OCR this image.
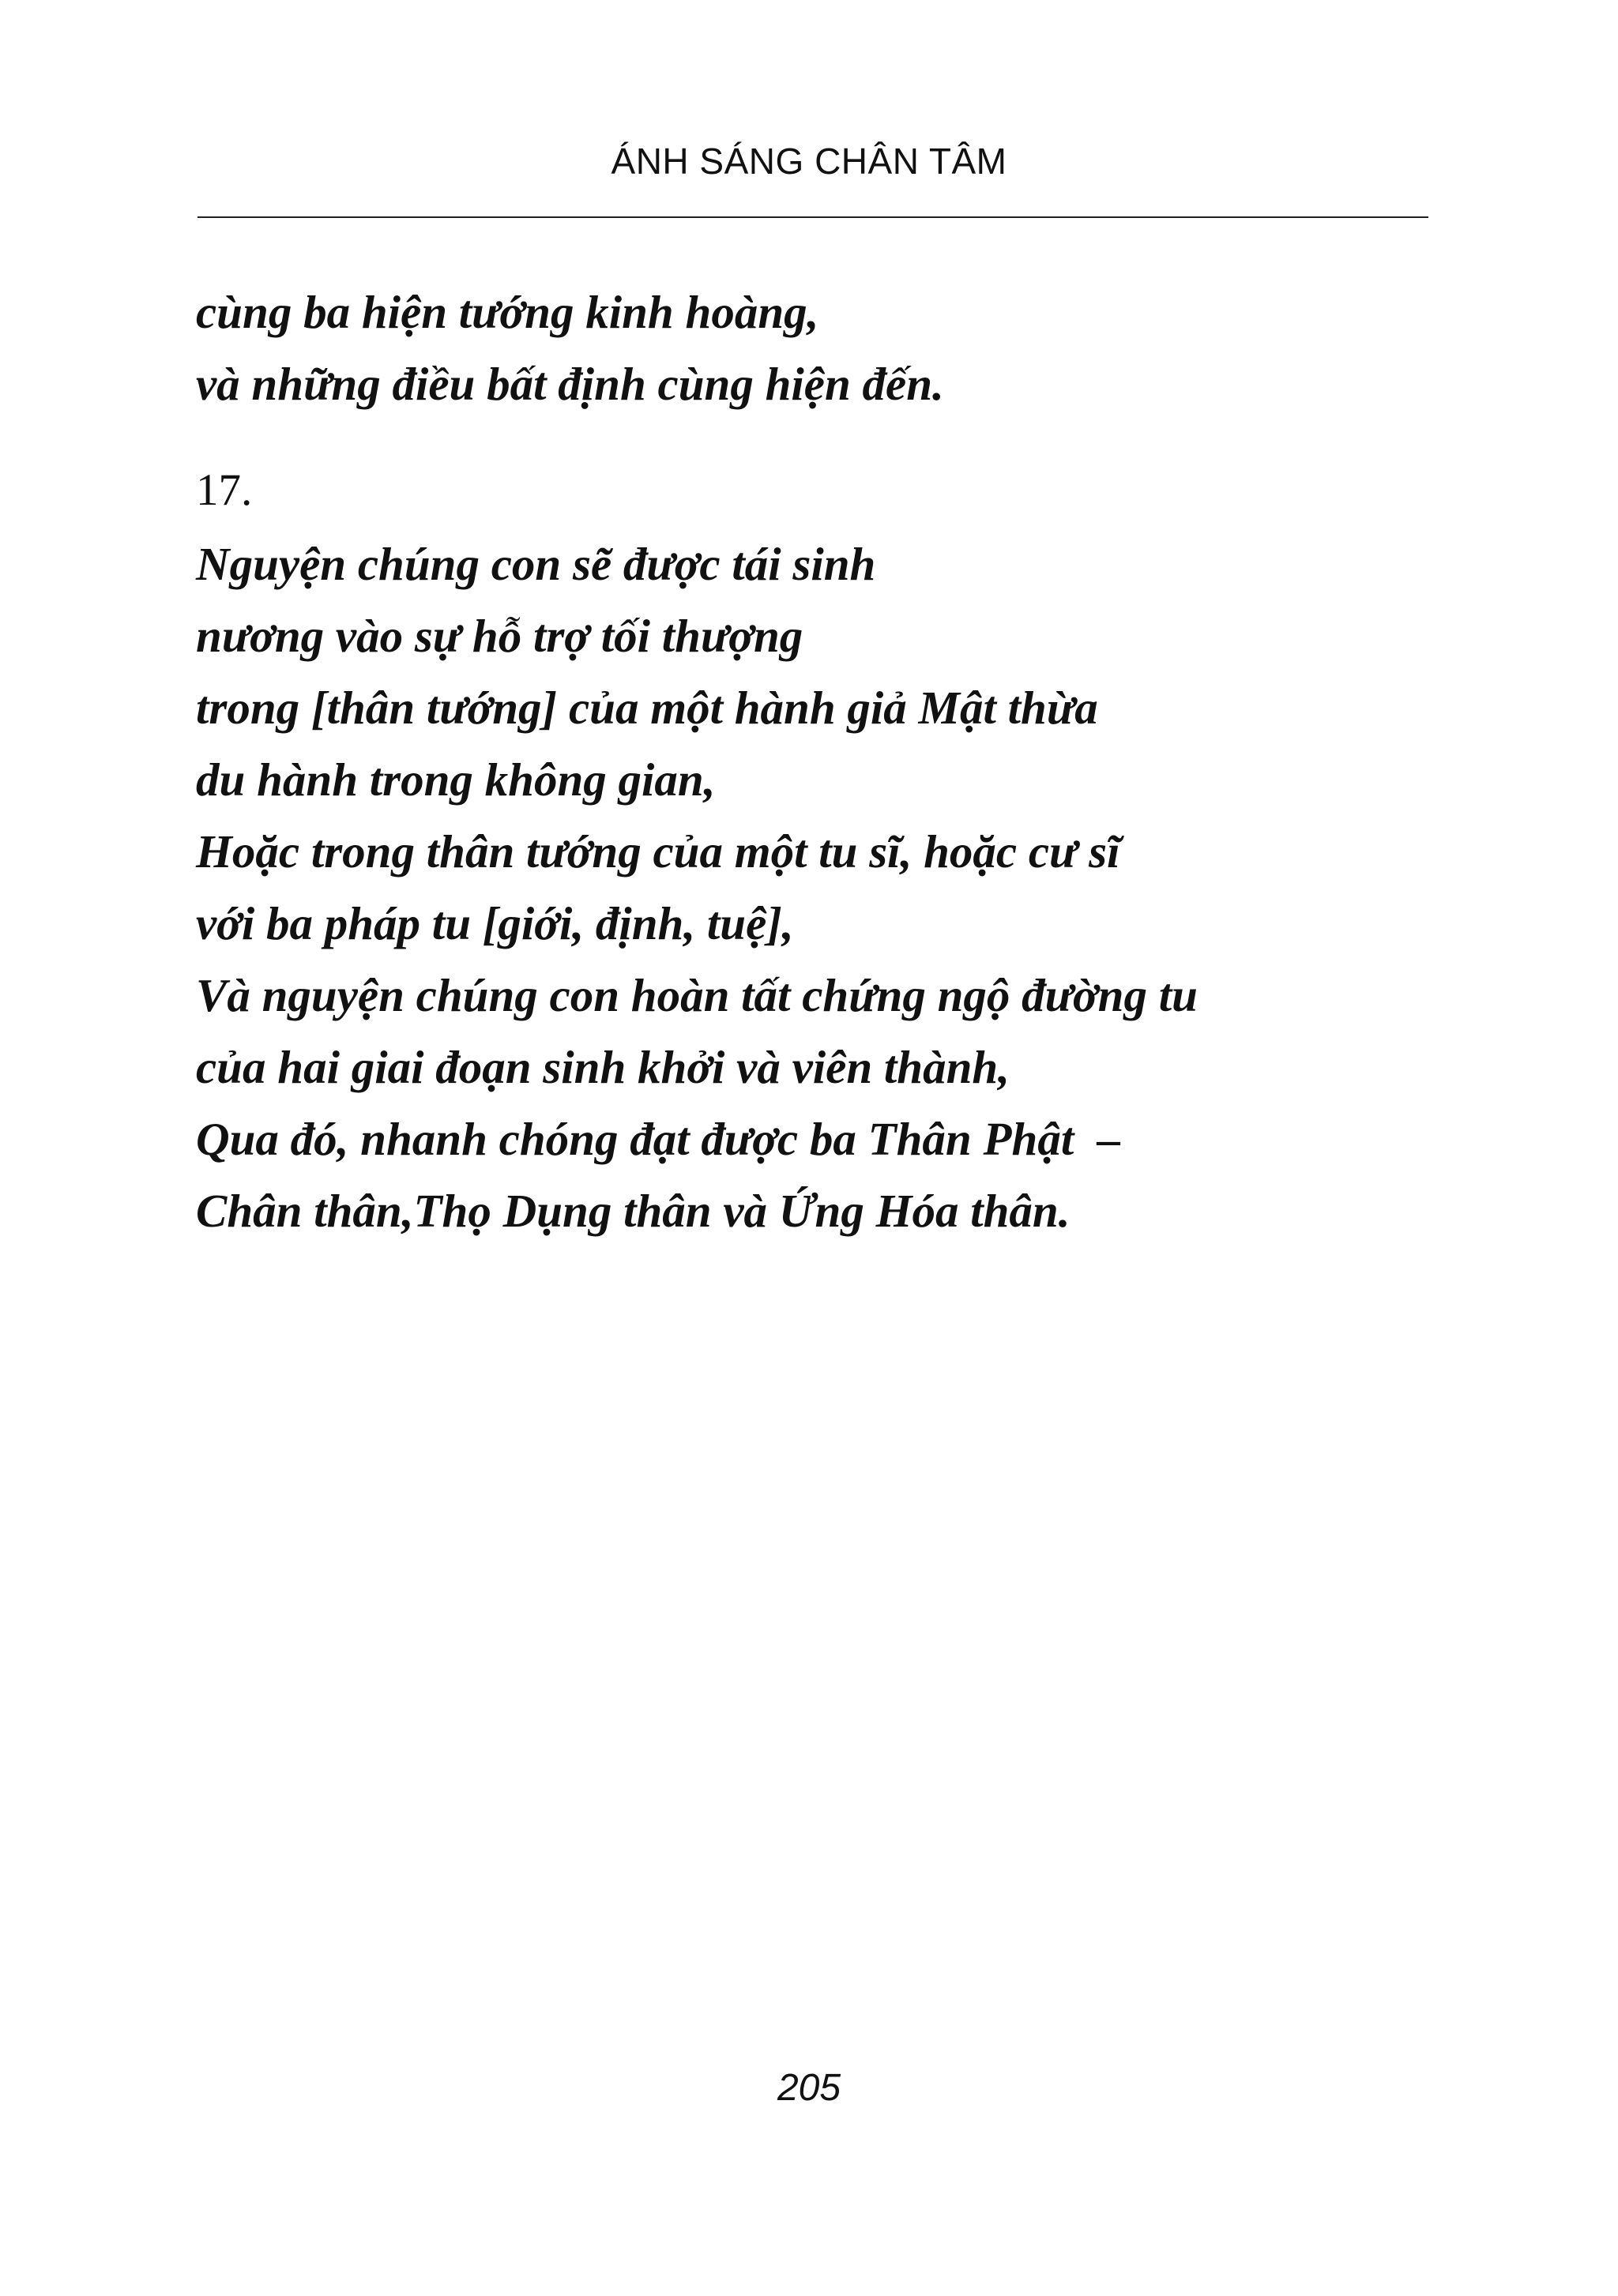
ÁNH SÁNG CHÂN TÂM
cùng ba hiện tướng kinh hoàng,
và những điều bất định cùng hiện đến.
17.
Nguyện chúng con sẽ được tái sinh
nương vào sự hỗ trợ tối thượng
trong [thân tướng] của một hành giả Mật thừa
du hành trong không gian,
Hoặc trong thân tướng của một tu sĩ, hoặc cư sĩ
với ba pháp tu [giới, định, tuệ],
Và nguyện chúng con hoàn tất chứng ngộ đường tu
của hai giai đoạn sinh khởi và viên thành,
Qua đó, nhanh chóng đạt được ba Thân Phật  –
Chân thân,Thọ Dụng thân và Ứng Hóa thân.
205
